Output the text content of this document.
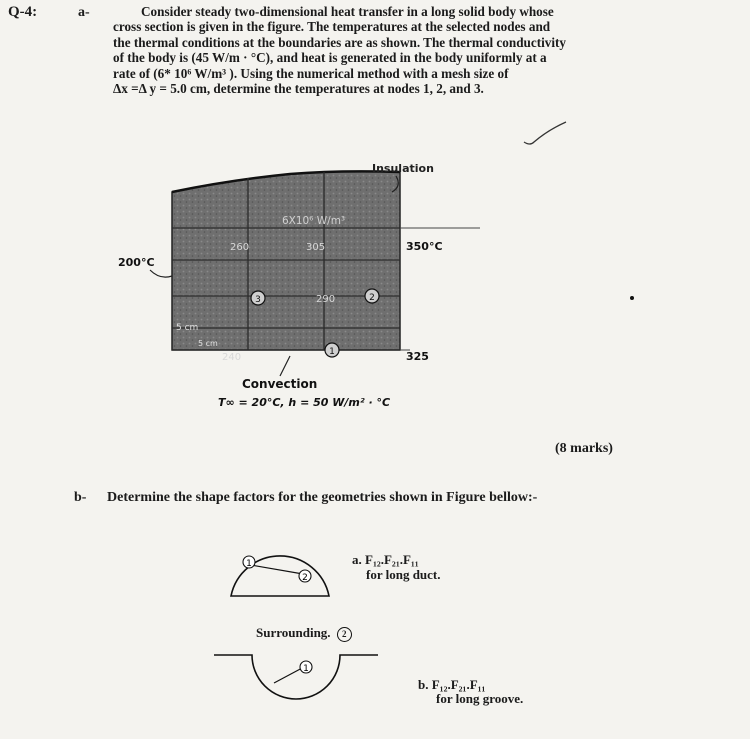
Q-4:	a-	Consider steady two-dimensional heat transfer in a long solid body whose
cross section is given in the figure. The temperatures at the selected nodes and
the thermal conditions at the boundaries are as shown. The thermal conductivity
of the body is (45 W/m · °C), and heat is generated in the body uniformly at a
rate of (6* 10⁶ W/m³ ). Using the numerical method with a mesh size of
Δx =Δ y = 5.0 cm, determine the temperatures at nodes 1, 2, and 3.
Insulation
6X10⁶ W/m³
260	305
290
240
3	2
1
5 cm
5 cm
200°C
350°C
325
Convection
T∞ = 20°C, h = 50 W/m² · °C
(8 marks)
b- Determine the shape factors for the geometries shown in Figure bellow:-
1
2
a. F₁₂.F₂₁.F₁₁
for long duct.
Surrounding. 2
1
b. F₁₂.F₂₁.F₁₁
for long groove.
